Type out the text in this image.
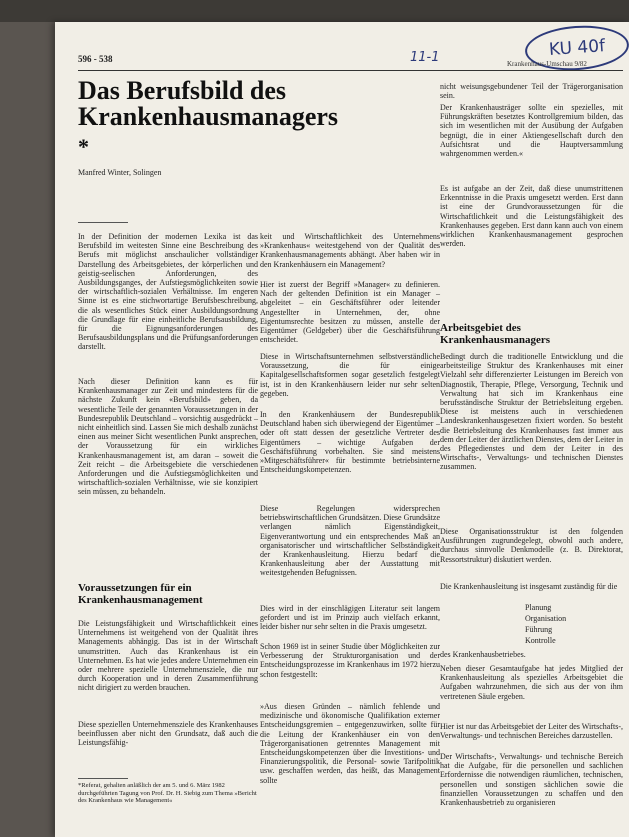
596 - 538	11-1	KU 40f
Krankenhaus-Umschau 9/82
Das Berufsbild des Krankenhausmanagers
*
Manfred Winter, Solingen
In der Definition der modernen Lexika ist das Berufsbild im weitesten Sinne eine Beschreibung des Berufs mit möglichst anschaulicher vollständiger Darstellung des Arbeitsgebietes, der körperlichen und geistig-seelischen Anforderungen, des Ausbildungsganges, der Aufstiegsmöglichkeiten sowie der wirtschaftlich-sozialen Verhältnisse. Im engeren Sinne ist es eine stichwortartige Berufsbeschreibung, die als wesentliches Stück einer Ausbildungsordnung die Grundlage für eine einheitliche Berufsausbildung, für die Eignungsanforderungen des Berufsausbildungsplans und die Prüfungsanforderungen darstellt.
Nach dieser Definition kann es für Krankenhausmanager zur Zeit und mindestens für die nächste Zukunft kein «Berufsbild» geben, da wesentliche Teile der genannten Voraussetzungen in der Bundesrepublik Deutschland – vorsichtig ausgedrückt – nicht einheitlich sind. Lassen Sie mich deshalb zunächst einen aus meiner Sicht wesentlichen Punkt ansprechen, der Voraussetzung für ein wirkliches Krankenhausmanagement ist, am daran – soweit die Zeit reicht – die Arbeitsgebiete die verschiedenen Anforderungen und die Aufstiegsmöglichkeiten und wirtschaftlich-sozialen Verhältnisse, wie sie konzipiert sein müssen, zu behandeln.
Voraussetzungen für ein Krankenhausmanagement
Die Leistungsfähigkeit und Wirtschaftlichkeit eines Unternehmens ist weitgehend von der Qualität ihres Managements abhängig. Das ist in der Wirtschaft unumstritten. Auch das Krankenhaus ist ein Unternehmen. Es hat wie jedes andere Unternehmen ein oder mehrere spezielle Unternehmensziele, die nur durch Kooperation und in deren Zusammenführung nicht dirigiert zu werden brauchen.
Diese speziellen Unternehmensziele des Krankenhauses beeinflussen aber nicht den Grundsatz, daß auch die Leistungsfähig-
*Referat, gehalten anläßlich der am 5. und 6. März 1982 durchgeführten Tagung von Prof. Dr. H. Siebig zum Thema »Bericht des Krankenhaus wie Management«
keit und Wirtschaftlichkeit des Unternehmens »Krankenhaus« weitestgehend von der Qualität des Krankenhausmanagements abhängt. Aber haben wir in den Krankenhäusern ein Management?
Hier ist zuerst der Begriff »Manager« zu definieren. Nach der geltenden Definition ist ein Manager – abgeleitet – ein Geschäftsführer oder leitender Angestellter in Unternehmen, der, ohne Eigentumsrechte besitzen zu müssen, anstelle der Eigentümer (Geldgeber) über die Geschäftsführung entscheidet.
Diese in Wirtschaftsunternehmen selbstverständliche Voraussetzung, die für einige Kapitalgesellschaftsformen sogar gesetzlich festgelegt ist, ist in den Krankenhäusern leider nur sehr selten gegeben.
In den Krankenhäusern der Bundesrepublik Deutschland haben sich überwiegend der Eigentümer – oder oft statt dessen der gesetzliche Vertreter des Eigentümers – wichtige Aufgaben der Geschäftsführung vorbehalten. Sie sind meistens »Mitgeschäftsführer« für bestimmte betriebsinterne Entscheidungskompetenzen.
Diese Regelungen widersprechen betriebswirtschaftlichen Grundsätzen. Diese Grundsätze verlangen nämlich Eigenständigkeit, Eigenverantwortung und ein entsprechendes Maß an organisatorischer und wirtschaftlicher Selbständigkeit der Krankenhausleitung. Hierzu bedarf die Krankenhausleitung aber der Ausstattung mit weitestgehenden Befugnissen.
Dies wird in der einschlägigen Literatur seit langem gefordert und ist im Prinzip auch vielfach erkannt, leider bisher nur sehr selten in die Praxis umgesetzt.
Schon 1969 ist in seiner Studie über Möglichkeiten zur Verbesserung der Strukturorganisation und der Entscheidungsprozesse im Krankenhaus im 1972 hierzu schon festgestellt:
»Aus diesen Gründen – nämlich fehlende und medizinische und ökonomische Qualifikation externer Entscheidungsgremien – entgegenzuwirken, sollte für die Leitung der Krankenhäuser ein von den Trägerorganisationen getrenntes Management mit Entscheidungskompetenzen über die Investitions- und Finanzierungspolitik, die Personal- sowie Tarifpolitik usw. geschaffen werden, das heißt, das Management sollte
nicht weisungsgebundener Teil der Trägerorganisation sein.
Der Krankenhausträger sollte ein spezielles, mit Führungskräften besetztes Kontrollgremium bilden, das sich im wesentlichen mit der Ausübung der Aufgaben begnügt, die in einer Aktiengesellschaft durch den Aufsichtsrat und die Hauptversammlung wahrgenommen werden.«
Es ist aufgabe an der Zeit, daß diese unumstrittenen Erkenntnisse in die Praxis umgesetzt werden. Erst dann ist eine der Grundvoraussetzungen für die Wirtschaftlichkeit und die Leistungsfähigkeit des Krankenhauses gegeben. Erst dann kann auch von einem wirklichen Krankenhausmanagement gesprochen werden.
Arbeitsgebiet des Krankenhausmanagers
Bedingt durch die traditionelle Entwicklung und die arbeitsteilige Struktur des Krankenhauses mit einer Vielzahl sehr differenzierter Leistungen im Bereich von Diagnostik, Therapie, Pflege, Versorgung, Technik und Verwaltung hat sich im Krankenhaus eine berufsständische Struktur der Betriebsleitung ergeben. Diese ist meistens auch in verschiedenen Landeskrankenhausgesetzen fixiert worden. So besteht die Betriebsleitung des Krankenhauses fast immer aus dem der Leiter der ärztlichen Dienstes, dem der Leiter in des Pflegedienstes und dem der Leiter in des Wirtschafts-, Verwaltungs- und technischen Dienstes zusammen.
Diese Organisationsstruktur ist den folgenden Ausführungen zugrundegelegt, obwohl auch andere, durchaus sinnvolle Denkmodelle (z. B. Direktorat, Ressortstruktur) diskutiert werden.
Die Krankenhausleitung ist insgesamt zuständig für die
Planung
Organisation
Führung
Kontrolle
des Krankenhausbetriebes.
Neben dieser Gesamtaufgabe hat jedes Mitglied der Krankenhausleitung als spezielles Arbeitsgebiet die Aufgaben wahrzunehmen, die sich aus der von ihm vertretenen Säule ergeben.
Hier ist nur das Arbeitsgebiet der Leiter des Wirtschafts-, Verwaltungs- und technischen Bereiches darzustellen.
Der Wirtschafts-, Verwaltungs- und technische Bereich hat die Aufgabe, für die personellen und sachlichen Erfordernisse die notwendigen räumlichen, technischen, personellen und sonstigen sächlichen sowie die finanziellen Voraussetzungen zu schaffen und den Krankenhausbetrieb zu organisieren
